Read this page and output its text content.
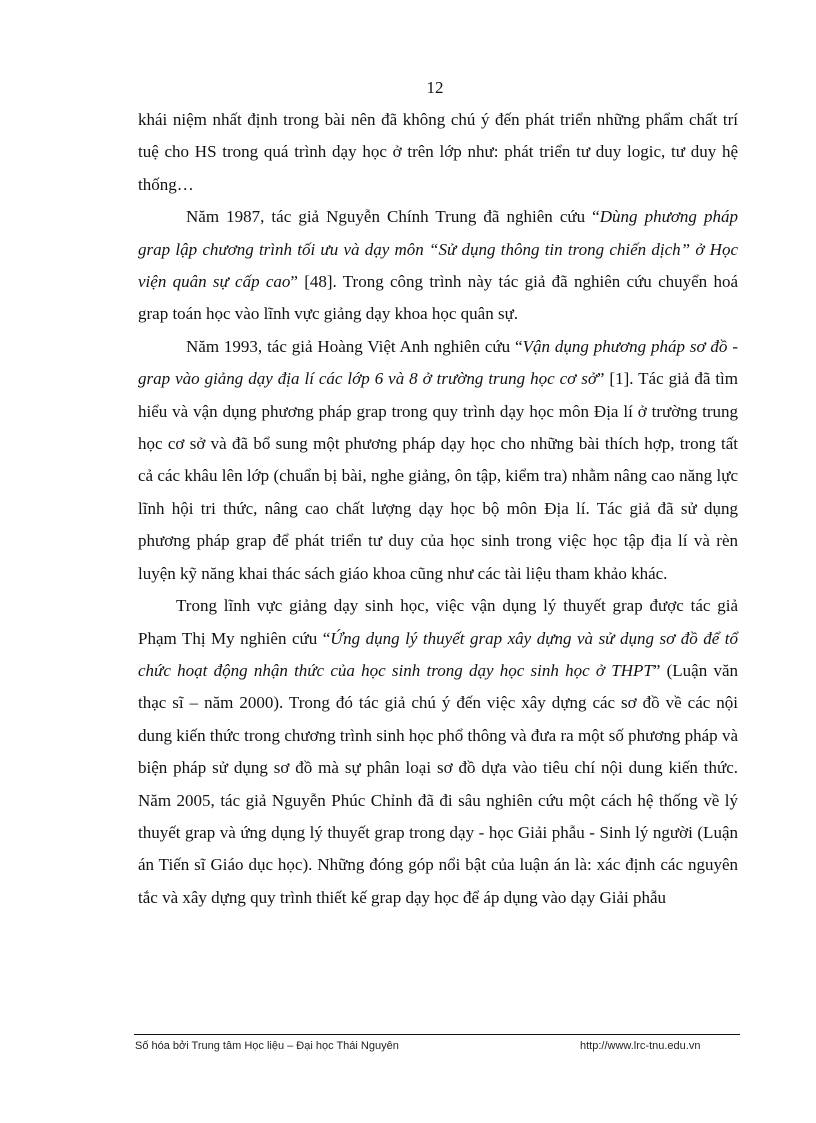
12

khái niệm nhất định trong bài nên đã không chú ý đến phát triển những phẩm chất trí tuệ cho HS trong quá trình dạy học ở trên lớp như: phát triển tư duy logic, tư duy hệ thống…

Năm 1987, tác giả Nguyễn Chính Trung đã nghiên cứu “Dùng phương pháp grap lập chương trình tối ưu và dạy môn “Sử dụng thông tin trong chiến dịch” ở Học viện quân sự cấp cao” [48]. Trong công trình này tác giả đã nghiên cứu chuyển hoá grap toán học vào lĩnh vực giảng dạy khoa học quân sự.

Năm 1993, tác giả Hoàng Việt Anh nghiên cứu “Vận dụng phương pháp sơ đồ - grap vào giảng dạy địa lí các lớp 6 và 8 ở trường trung học cơ sở” [1]. Tác giả đã tìm hiểu và vận dụng phương pháp grap trong quy trình dạy học môn Địa lí ở trường trung học cơ sở và đã bổ sung một phương pháp dạy học cho những bài thích hợp, trong tất cả các khâu lên lớp (chuẩn bị bài, nghe giảng, ôn tập, kiểm tra) nhằm nâng cao năng lực lĩnh hội tri thức, nâng cao chất lượng dạy học bộ môn Địa lí. Tác giả đã sử dụng phương pháp grap để phát triển tư duy của học sinh trong việc học tập địa lí và rèn luyện kỹ năng khai thác sách giáo khoa cũng như các tài liệu tham khảo khác.

Trong lĩnh vực giảng dạy sinh học, việc vận dụng lý thuyết grap được tác giả Phạm Thị My nghiên cứu “Ứng dụng lý thuyết grap xây dựng và sử dụng sơ đồ để tổ chức hoạt động nhận thức của học sinh trong dạy học sinh học ở THPT” (Luận văn thạc sĩ – năm 2000). Trong đó tác giả chú ý đến việc xây dựng các sơ đồ về các nội dung kiến thức trong chương trình sinh học phổ thông và đưa ra một số phương pháp và biện pháp sử dụng sơ đồ mà sự phân loại sơ đồ dựa vào tiêu chí nội dung kiến thức. Năm 2005, tác giả Nguyễn Phúc Chỉnh đã đi sâu nghiên cứu một cách hệ thống về lý thuyết grap và ứng dụng lý thuyết grap trong dạy - học Giải phẫu - Sinh lý người (Luận án Tiến sĩ Giáo dục học). Những đóng góp nổi bật của luận án là: xác định các nguyên tắc và xây dựng quy trình thiết kế grap dạy học để áp dụng vào dạy Giải phẫu

Số hóa bởi Trung tâm Học liệu – Đại học Thái Nguyên	http://www.lrc-tnu.edu.vn
